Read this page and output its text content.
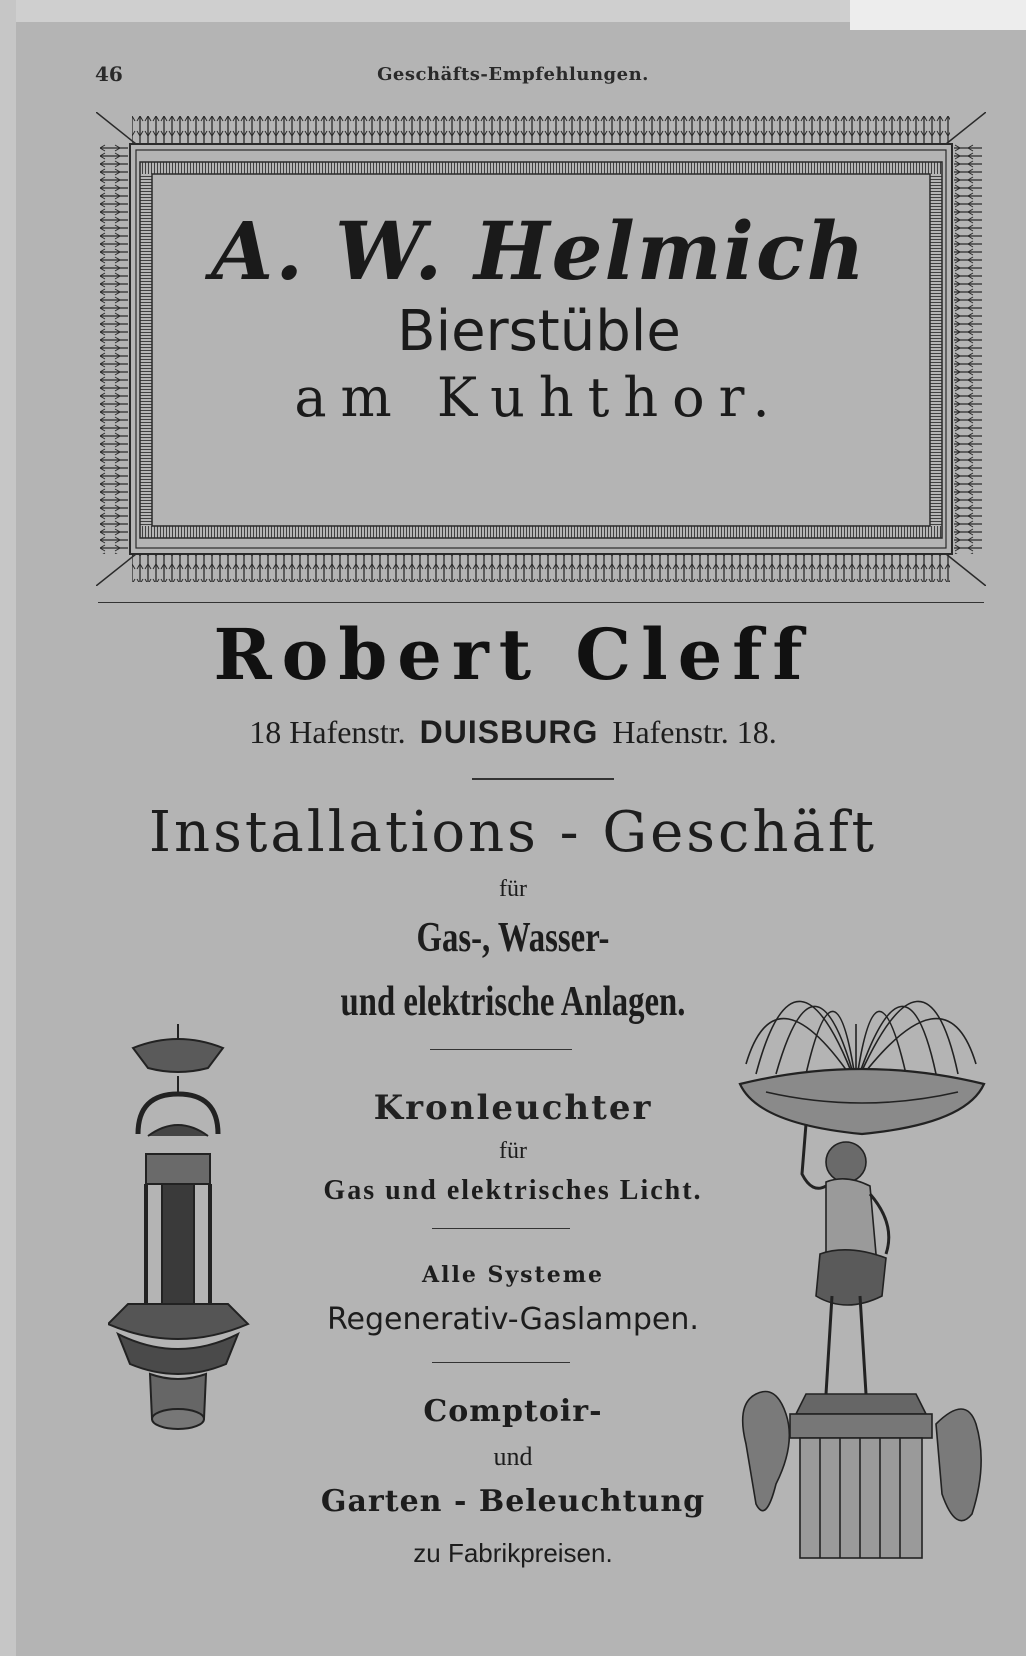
46	Geschäfts-Empfehlungen.
A. W. Helmich
Bierstüble
am Kuhthor.
Robert Cleff
18 Hafenstr. DUISBURG Hafenstr. 18.
Installations - Geschäft
für
Gas-, Wasser-
und elektrische Anlagen.
Kronleuchter
für
Gas und elektrisches Licht.
Alle Systeme
Regenerativ-Gaslampen.
Comptoir-
und
Garten - Beleuchtung
zu Fabrikpreisen.
